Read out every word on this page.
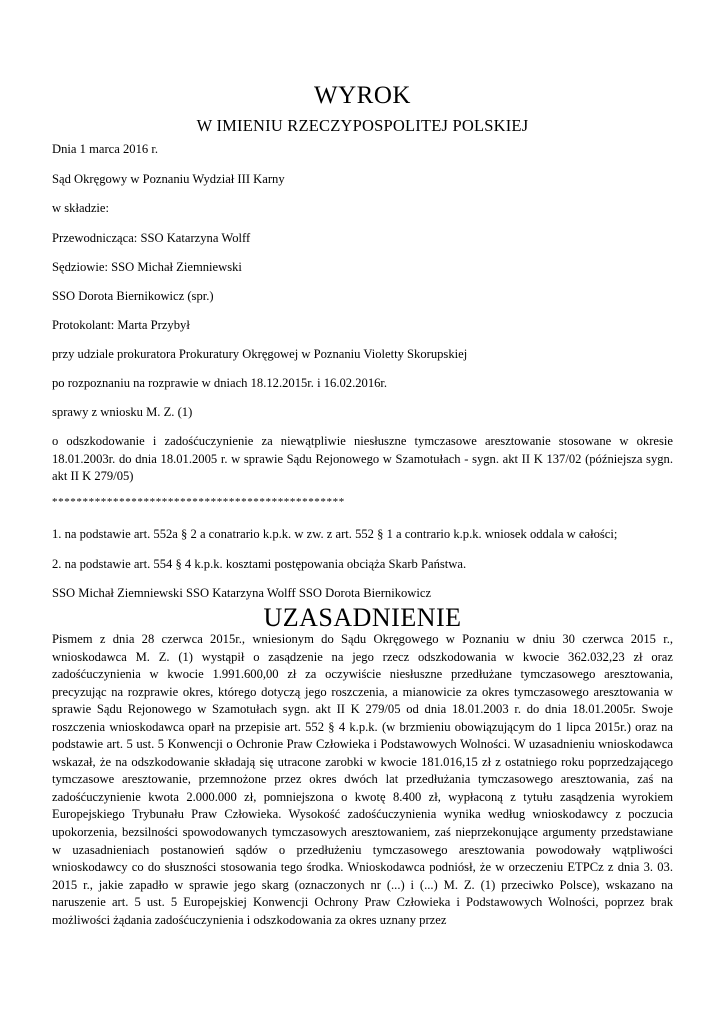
WYROK
W IMIENIU RZECZYPOSPOLITEJ POLSKIEJ
Dnia 1 marca 2016 r.
Sąd Okręgowy w Poznaniu Wydział III Karny
w składzie:
Przewodnicząca: SSO Katarzyna Wolff
Sędziowie: SSO Michał Ziemniewski
SSO Dorota Biernikowicz (spr.)
Protokolant: Marta Przybył
przy udziale prokuratora Prokuratury Okręgowej w Poznaniu Violetty Skorupskiej
po rozpoznaniu na rozprawie w dniach 18.12.2015r. i 16.02.2016r.
sprawy z wniosku M. Z. (1)
o odszkodowanie i zadośćuczynienie za niewątpliwie niesłuszne tymczasowe aresztowanie stosowane w okresie 18.01.2003r. do dnia 18.01.2005 r. w sprawie Sądu Rejonowego w Szamotułach - sygn. akt II K 137/02 (późniejsza sygn. akt II K 279/05)
************************************************
1. na podstawie art. 552a § 2 a conatrario k.p.k. w zw. z art. 552 § 1 a contrario k.p.k. wniosek oddala w całości;
2. na podstawie art. 554 § 4 k.p.k. kosztami postępowania obciąża Skarb Państwa.
SSO Michał Ziemniewski SSO Katarzyna Wolff SSO Dorota Biernikowicz
UZASADNIENIE
Pismem z dnia 28 czerwca 2015r., wniesionym do Sądu Okręgowego w Poznaniu w dniu 30 czerwca 2015 r., wnioskodawca M. Z. (1) wystąpił o zasądzenie na jego rzecz odszkodowania w kwocie 362.032,23 zł oraz zadośćuczynienia w kwocie 1.991.600,00 zł za oczywiście niesłuszne przedłużane tymczasowego aresztowania, precyzując na rozprawie okres, którego dotyczą jego roszczenia, a mianowicie za okres tymczasowego aresztowania w sprawie Sądu Rejonowego w Szamotułach sygn. akt II K 279/05 od dnia 18.01.2003 r. do dnia 18.01.2005r. Swoje roszczenia wnioskodawca oparł na przepisie art. 552 § 4 k.p.k. (w brzmieniu obowiązującym do 1 lipca 2015r.) oraz na podstawie art. 5 ust. 5 Konwencji o Ochronie Praw Człowieka i Podstawowych Wolności. W uzasadnieniu wnioskodawca wskazał, że na odszkodowanie składają się utracone zarobki w kwocie 181.016,15 zł z ostatniego roku poprzedzającego tymczasowe aresztowanie, przemnożone przez okres dwóch lat przedłużania tymczasowego aresztowania, zaś na zadośćuczynienie kwota 2.000.000 zł, pomniejszona o kwotę 8.400 zł, wypłaconą z tytułu zasądzenia wyrokiem Europejskiego Trybunału Praw Człowieka. Wysokość zadośćuczynienia wynika według wnioskodawcy z poczucia upokorzenia, bezsilności spowodowanych tymczasowych aresztowaniem, zaś nieprzekonujące argumenty przedstawiane w uzasadnieniach postanowień sądów o przedłużeniu tymczasowego aresztowania powodowały wątpliwości wnioskodawcy co do słuszności stosowania tego środka. Wnioskodawca podniósł, że w orzeczeniu ETPCz z dnia 3. 03. 2015 r., jakie zapadło w sprawie jego skarg (oznaczonych nr (...) i (...) M. Z. (1) przeciwko Polsce), wskazano na naruszenie art. 5 ust. 5 Europejskiej Konwencji Ochrony Praw Człowieka i Podstawowych Wolności, poprzez brak możliwości żądania zadośćuczynienia i odszkodowania za okres uznany przez
